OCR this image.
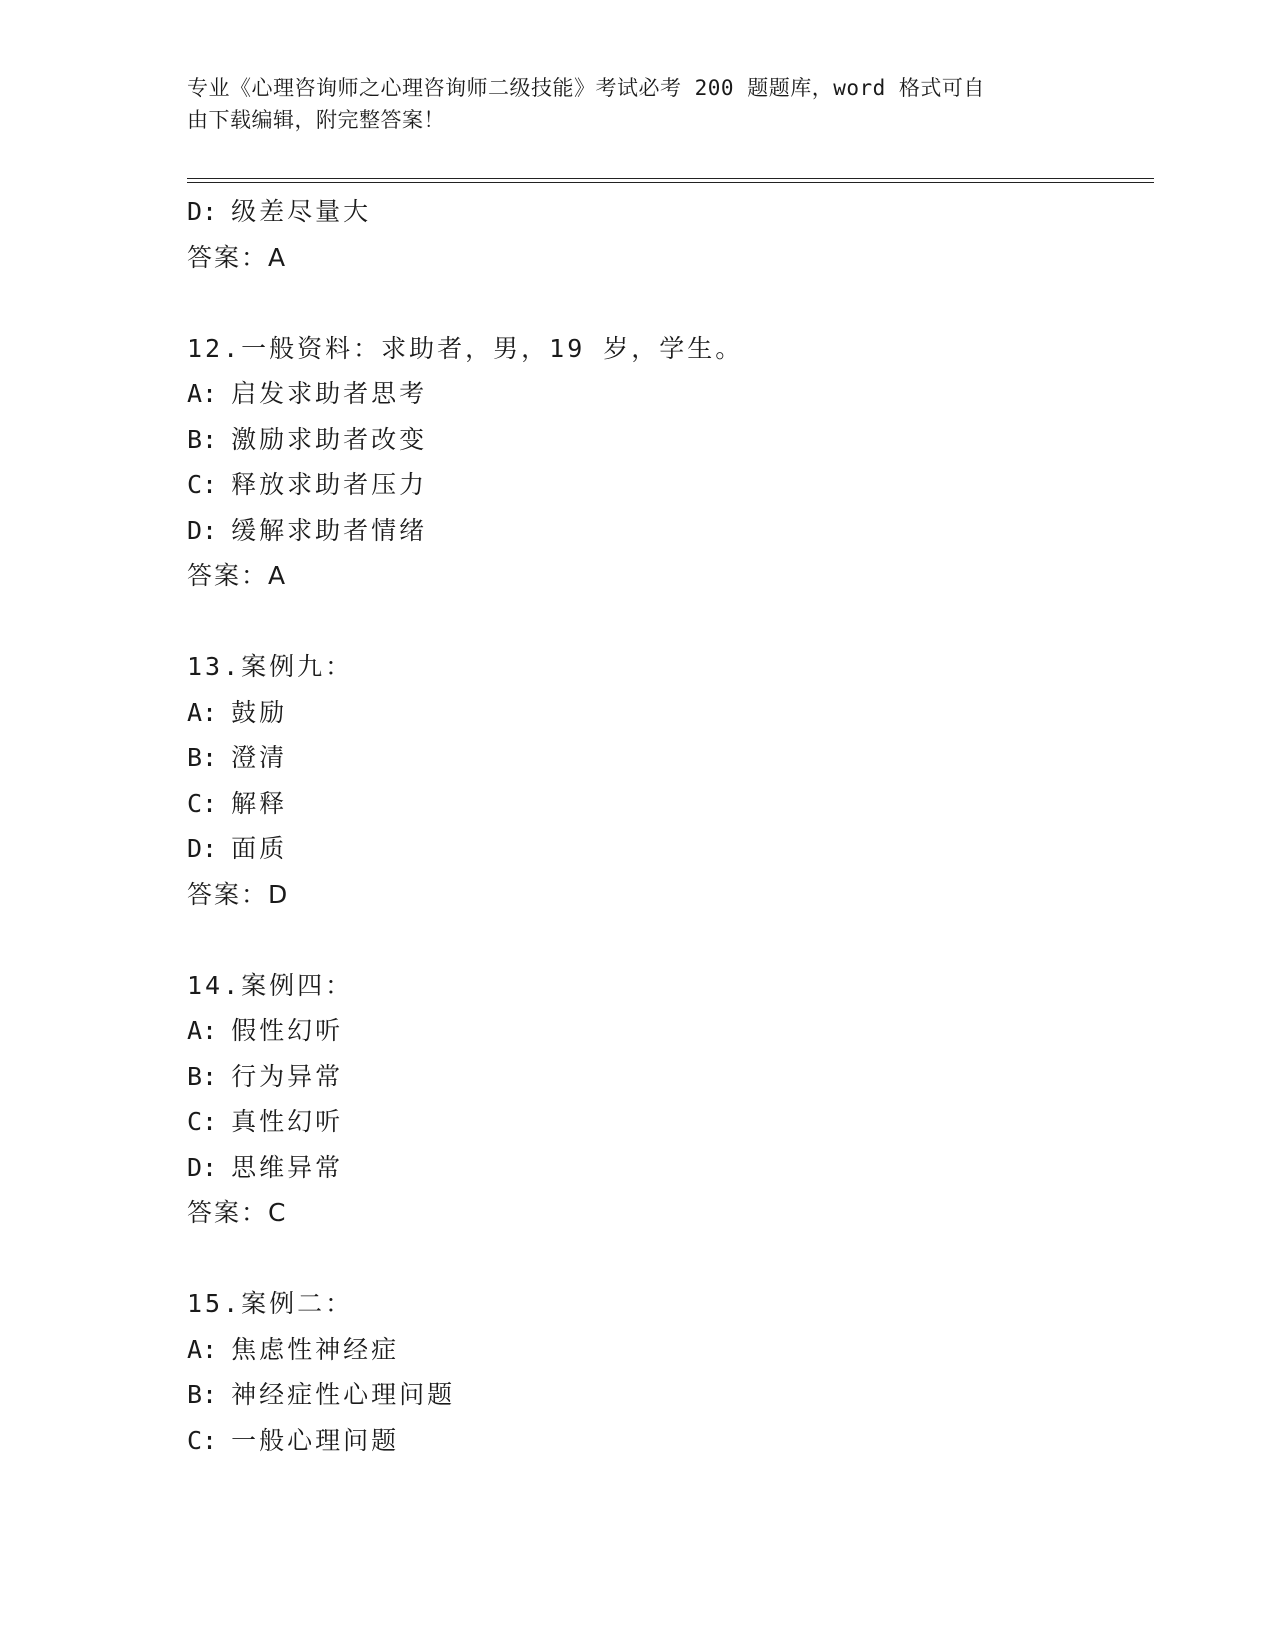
专业《心理咨询师之心理咨询师二级技能》考试必考 200 题题库，word 格式可自
由下载编辑，附完整答案！
D: 级差尽量大
答案：A
12.一般资料：求助者，男，19 岁，学生。
A: 启发求助者思考
B: 激励求助者改变
C: 释放求助者压力
D: 缓解求助者情绪
答案：A
13.案例九：
A: 鼓励
B: 澄清
C: 解释
D: 面质
答案：D
14.案例四：
A: 假性幻听
B: 行为异常
C: 真性幻听
D: 思维异常
答案：C
15.案例二：
A: 焦虑性神经症
B: 神经症性心理问题
C: 一般心理问题
